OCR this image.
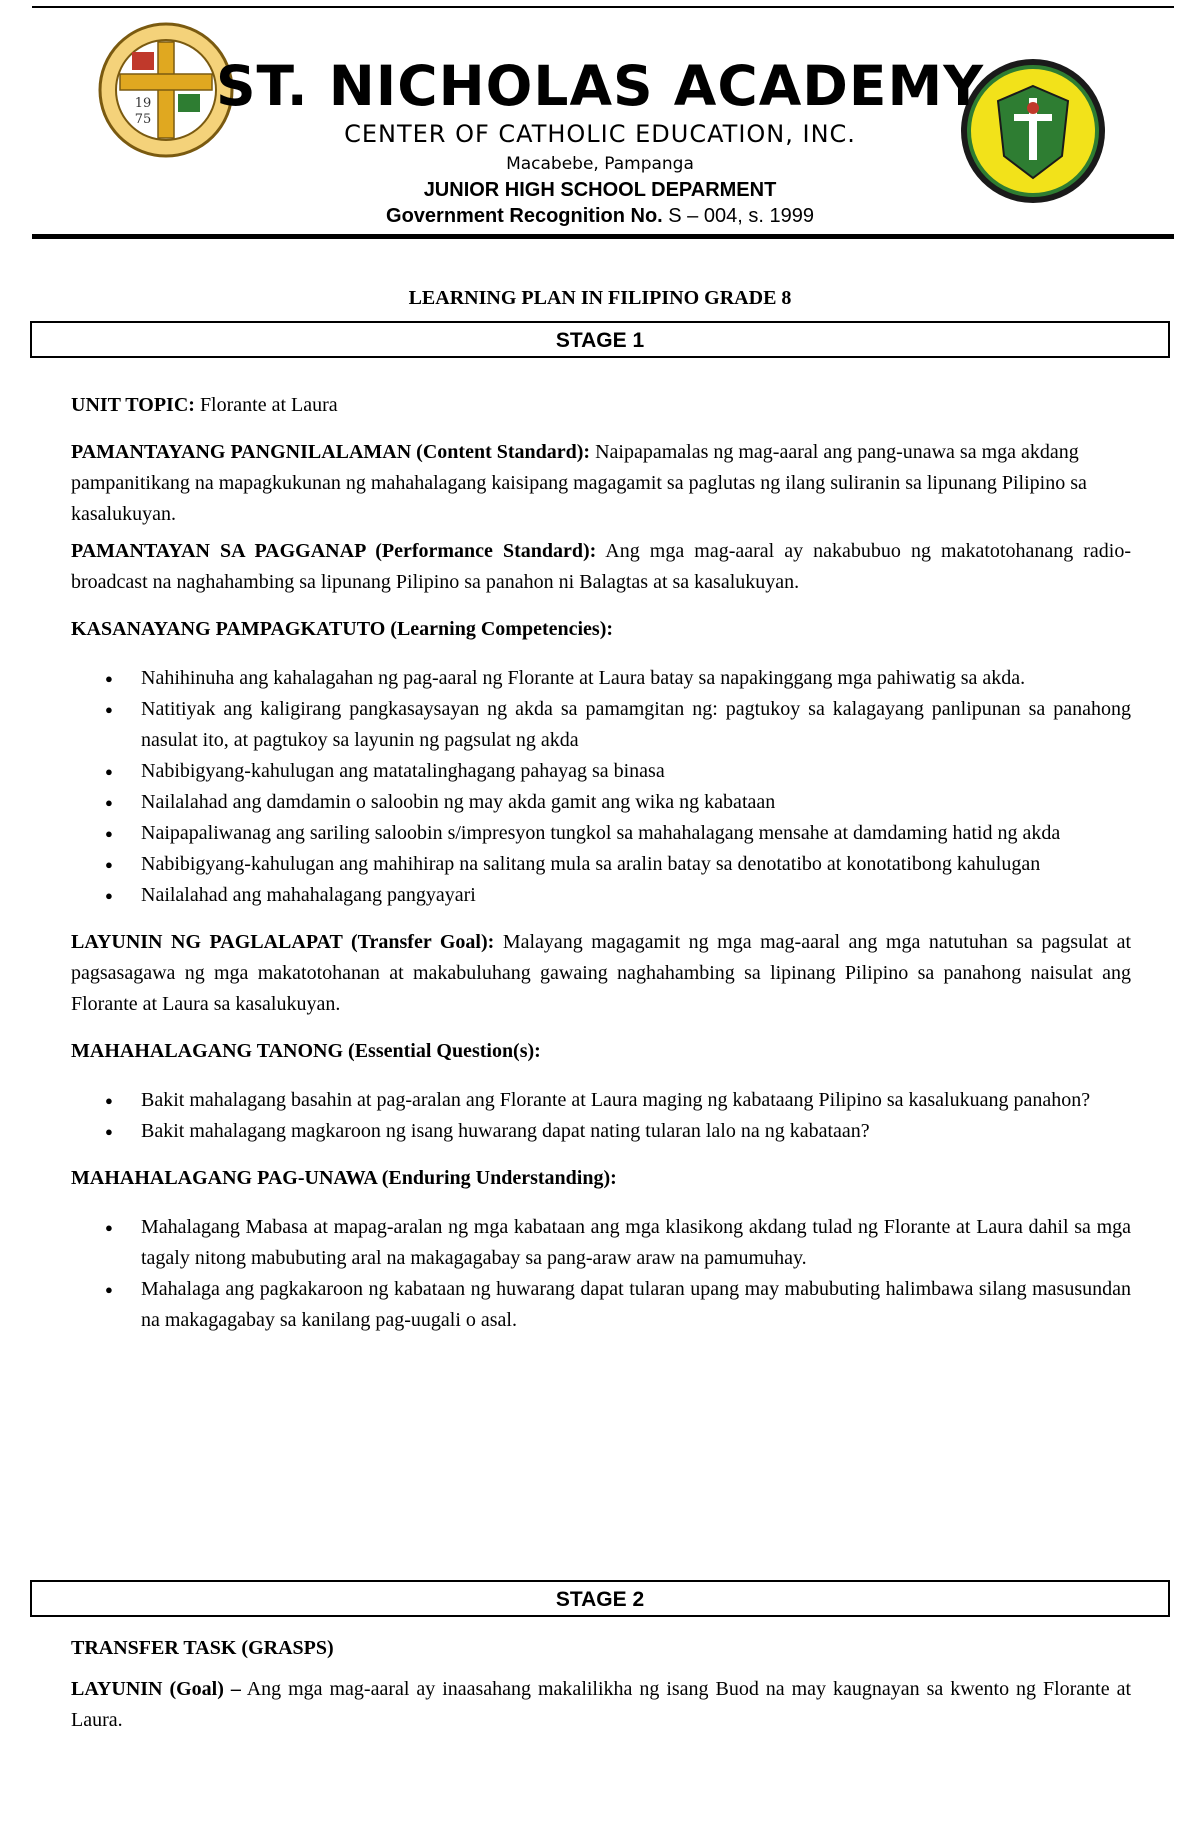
19
75
ST. NICHOLAS ACADEMY
CENTER OF CATHOLIC EDUCATION, INC.
Macabebe, Pampanga
JUNIOR HIGH SCHOOL DEPARMENT
Government Recognition No. S – 004, s. 1999
LEARNING PLAN IN FILIPINO GRADE 8
STAGE 1

UNIT TOPIC: Florante at Laura

PAMANTAYANG PANGNILALAMAN (Content Standard): Naipapamalas ng mag-aaral ang pang-unawa sa mga akdang pampanitikang na mapagkukunan ng mahahalagang kaisipang magagamit sa paglutas ng ilang suliranin sa lipunang Pilipino sa kasalukuyan.

PAMANTAYAN SA PAGGANAP (Performance Standard): Ang mga mag-aaral ay nakabubuo ng makatotohanang radio-broadcast na naghahambing sa lipunang Pilipino sa panahon ni Balagtas at sa kasalukuyan.

KASANAYANG PAMPAGKATUTO (Learning Competencies):

● Nahihinuha ang kahalagahan ng pag-aaral ng Florante at Laura batay sa napakinggang mga pahiwatig sa akda.
● Natitiyak ang kaligirang pangkasaysayan ng akda sa pamamgitan ng: pagtukoy sa kalagayang panlipunan sa panahong nasulat ito, at pagtukoy sa layunin ng pagsulat ng akda
● Nabibigyang-kahulugan ang matatalinghagang pahayag sa binasa
● Nailalahad ang damdamin o saloobin ng may akda gamit ang wika ng kabataan
● Naipapaliwanag ang sariling saloobin s/impresyon tungkol sa mahahalagang mensahe at damdaming hatid ng akda
● Nabibigyang-kahulugan ang mahihirap na salitang mula sa aralin batay sa denotatibo at konotatibong kahulugan
● Nailalahad ang mahahalagang pangyayari

LAYUNIN NG PAGLALAPAT (Transfer Goal): Malayang magagamit ng mga mag-aaral ang mga natutuhan sa pagsulat at pagsasagawa ng mga makatotohanan at makabuluhang gawaing naghahambing sa lipinang Pilipino sa panahong naisulat ang Florante at Laura sa kasalukuyan.

MAHAHALAGANG TANONG (Essential Question(s):

● Bakit mahalagang basahin at pag-aralan ang Florante at Laura maging ng kabataang Pilipino sa kasalukuang panahon?
● Bakit mahalagang magkaroon ng isang huwarang dapat nating tularan lalo na ng kabataan?

MAHAHALAGANG PAG-UNAWA (Enduring Understanding):

● Mahalagang Mabasa at mapag-aralan ng mga kabataan ang mga klasikong akdang tulad ng Florante at Laura dahil sa mga tagaly nitong mabubuting aral na makagagabay sa pang-araw araw na pamumuhay.
● Mahalaga ang pagkakaroon ng kabataan ng huwarang dapat tularan upang may mabubuting halimbawa silang masusundan na makagagabay sa kanilang pag-uugali o asal.
STAGE 2

TRANSFER TASK (GRASPS)

LAYUNIN (Goal) – Ang mga mag-aaral ay inaasahang makalilikha ng isang Buod na may kaugnayan sa kwento ng Florante at Laura.
